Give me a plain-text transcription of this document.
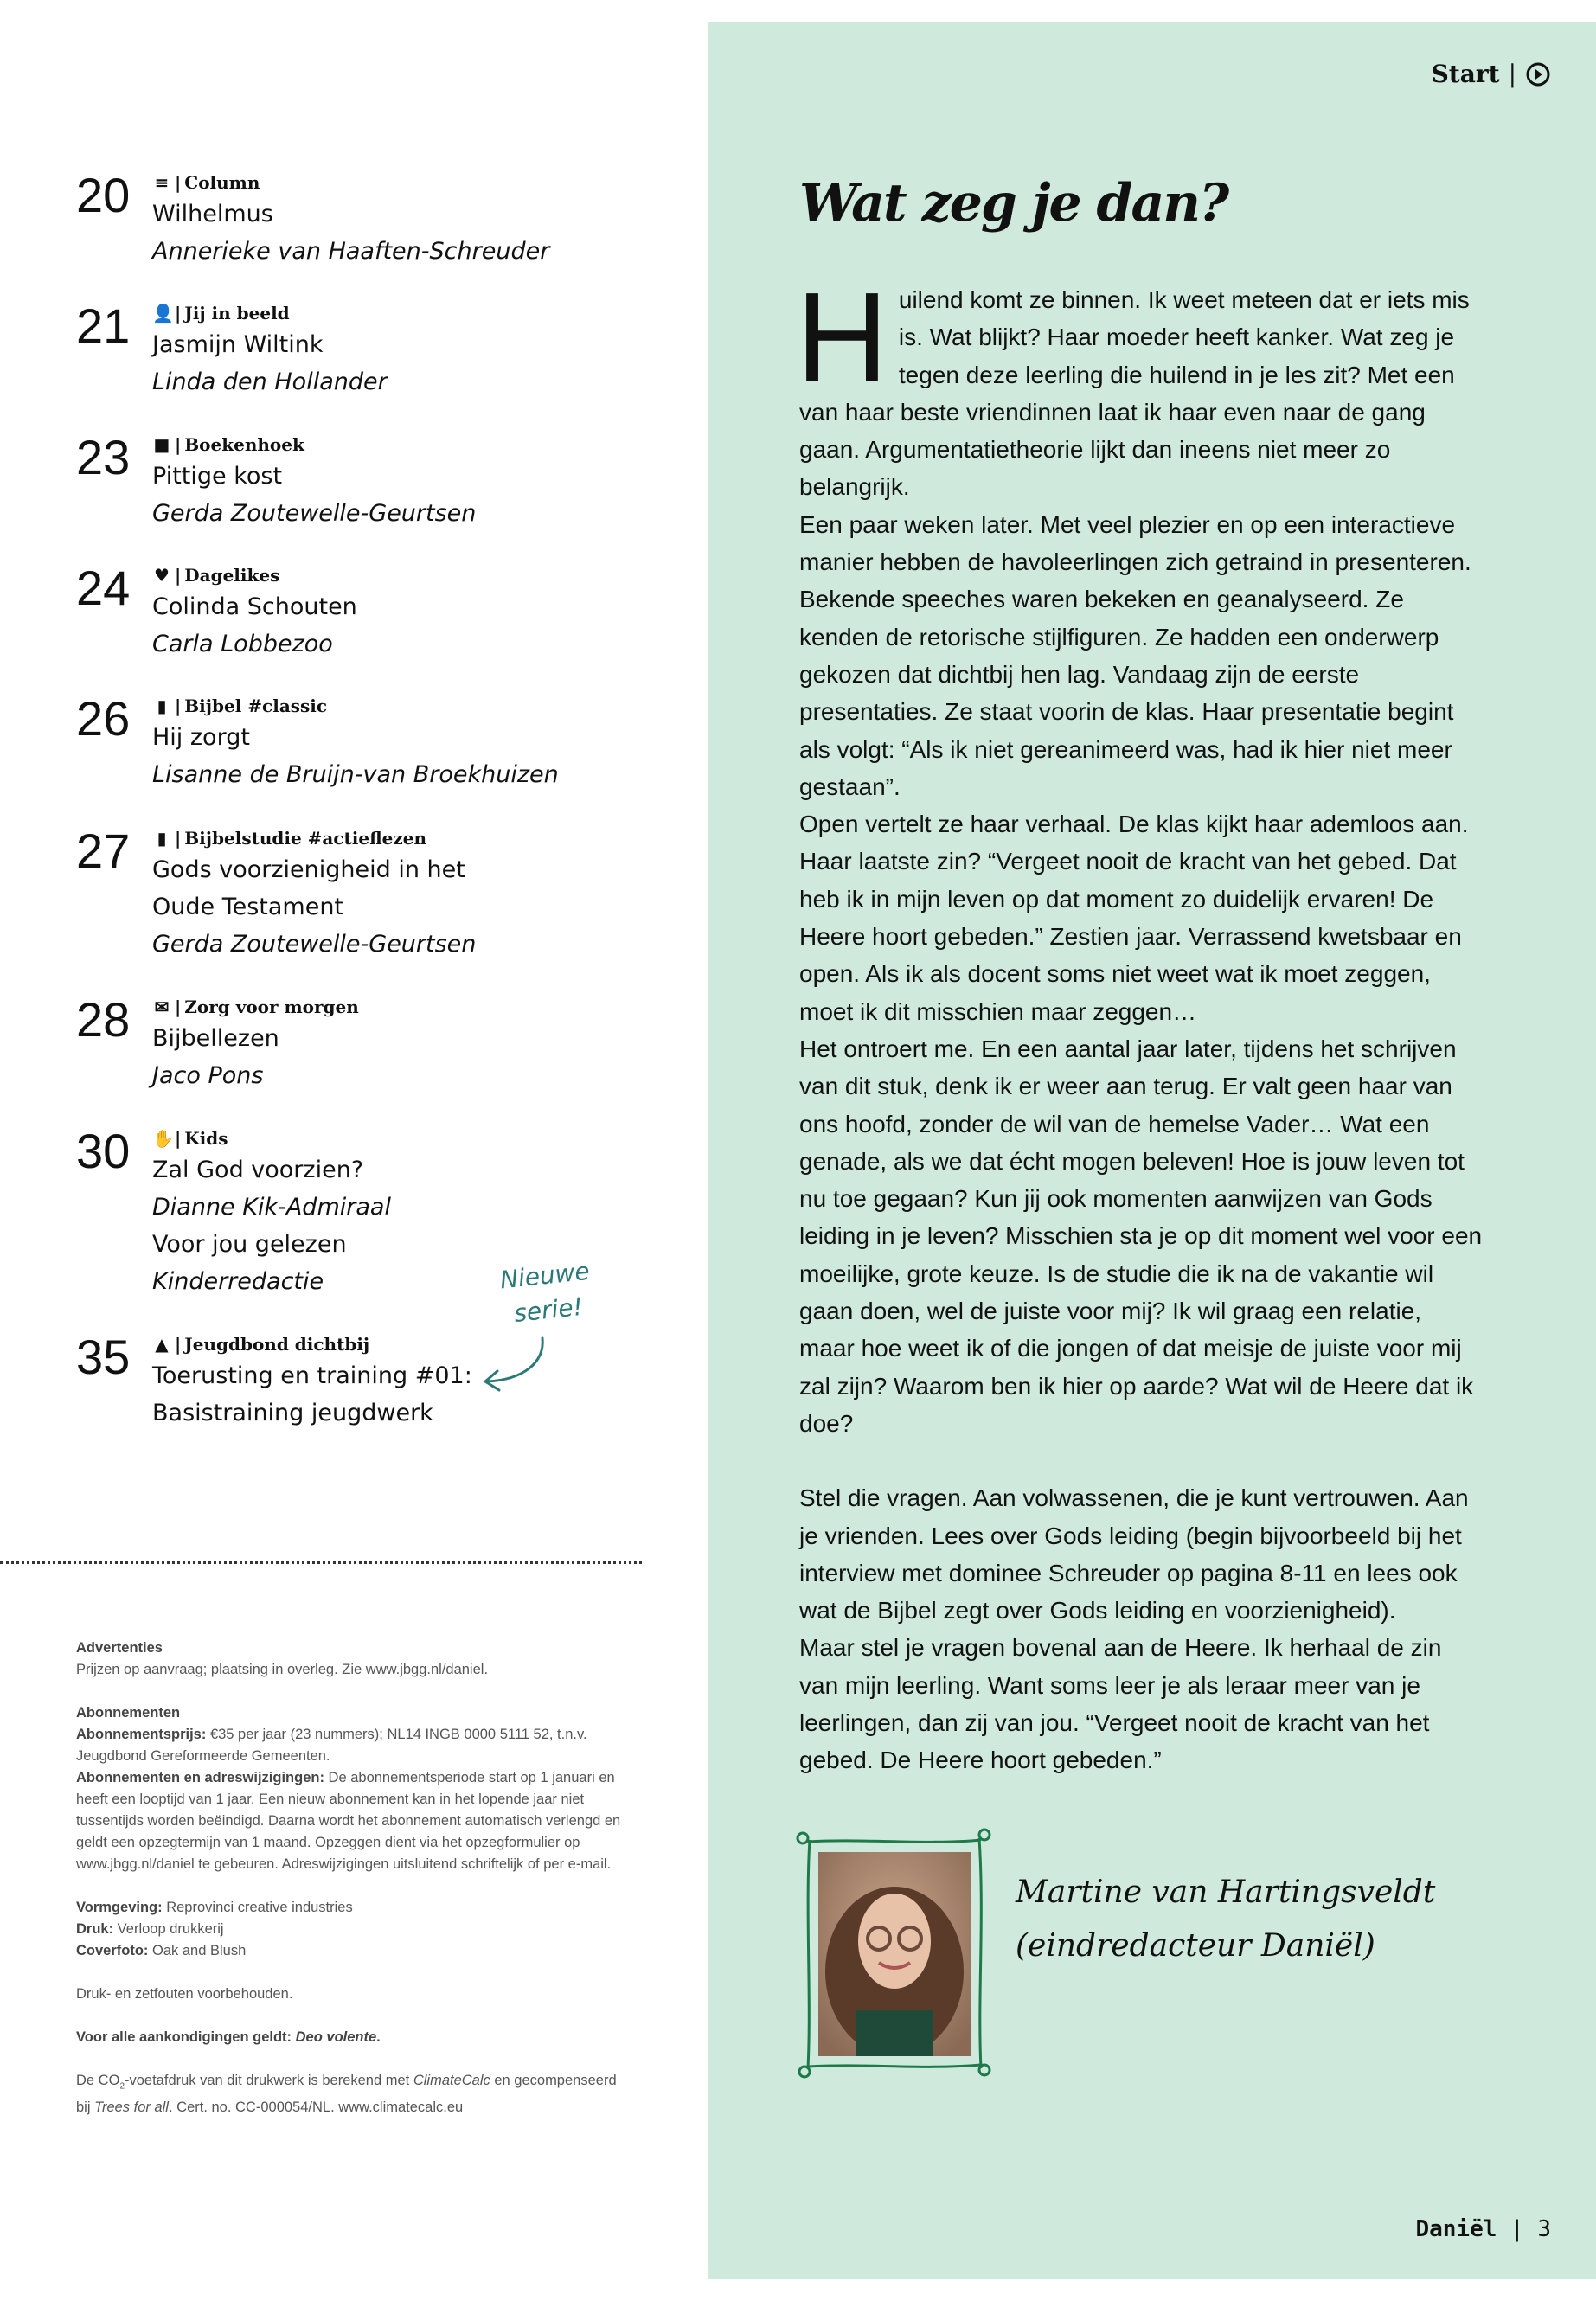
20 ≡ | Column
Wilhelmus
Annerieke van Haaften-Schreuder
21 👤 | Jij in beeld
Jasmijn Wiltink
Linda den Hollander
23 ■ | Boekenhoek
Pittige kost
Gerda Zoutewelle-Geurtsen
24 ♥ | Dagelikes
Colinda Schouten
Carla Lobbezoo
26 ▮ | Bijbel #classic
Hij zorgt
Lisanne de Bruijn-van Broekhuizen
27 ▮ | Bijbelstudie #actieflezen
Gods voorzienigheid in het Oude Testament
Gerda Zoutewelle-Geurtsen
28 ✉ | Zorg voor morgen
Bijbellezen
Jaco Pons
30 ✋ | Kids
Zal God voorzien?
Dianne Kik-Admiraal
Voor jou gelezen
Kinderredactie
35 ▲ | Jeugdbond dichtbij
Toerusting en training #01: Basistraining jeugdwerk
Nieuwe
serie!

Advertenties
Prijzen op aanvraag; plaatsing in overleg. Zie www.jbgg.nl/daniel.

Abonnementen
Abonnementsprijs: €35 per jaar (23 nummers); NL14 INGB 0000 5111 52, t.n.v. Jeugdbond Gereformeerde Gemeenten.
Abonnementen en adreswijzigingen: De abonnementsperiode start op 1 januari en heeft een looptijd van 1 jaar. Een nieuw abonnement kan in het lopende jaar niet tussentijds worden beëindigd. Daarna wordt het abonnement automatisch verlengd en geldt een opzegtermijn van 1 maand. Opzeggen dient via het opzegformulier op www.jbgg.nl/daniel te gebeuren. Adreswijzigingen uitsluitend schriftelijk of per e-mail.

Vormgeving: Reprovinci creative industries
Druk: Verloop drukkerij
Coverfoto: Oak and Blush

Druk- en zetfouten voorbehouden.

Voor alle aankondigingen geldt: Deo volente.

De $CO_2$-voetafdruk van dit drukwerk is berekend met ClimateCalc en gecompenseerd bij Trees for all. Cert. no. CC-000054/NL. www.climatecalc.eu

Start |
Wat zeg je dan?
H uilend komt ze binnen. Ik weet meteen dat er iets mis is. Wat blijkt? Haar moeder heeft kanker. Wat zeg je tegen deze leerling die huilend in je les zit? Met een van haar beste vriendinnen laat ik haar even naar de gang gaan. Argumentatietheorie lijkt dan ineens niet meer zo belangrijk.

Een paar weken later. Met veel plezier en op een interactieve manier hebben de havoleerlingen zich getraind in presenteren. Bekende speeches waren bekeken en geanalyseerd. Ze kenden de retorische stijlfiguren. Ze hadden een onderwerp gekozen dat dichtbij hen lag. Vandaag zijn de eerste presentaties. Ze staat voorin de klas. Haar presentatie begint als volgt: “Als ik niet gereanimeerd was, had ik hier niet meer gestaan”.

Open vertelt ze haar verhaal. De klas kijkt haar ademloos aan. Haar laatste zin? “Vergeet nooit de kracht van het gebed. Dat heb ik in mijn leven op dat moment zo duidelijk ervaren! De Heere hoort gebeden.” Zestien jaar. Verrassend kwetsbaar en open. Als ik als docent soms niet weet wat ik moet zeggen, moet ik dit misschien maar zeggen…

Het ontroert me. En een aantal jaar later, tijdens het schrijven van dit stuk, denk ik er weer aan terug. Er valt geen haar van ons hoofd, zonder de wil van de hemelse Vader… Wat een genade, als we dat écht mogen beleven! Hoe is jouw leven tot nu toe gegaan? Kun jij ook momenten aanwijzen van Gods leiding in je leven? Misschien sta je op dit moment wel voor een moeilijke, grote keuze. Is de studie die ik na de vakantie wil gaan doen, wel de juiste voor mij? Ik wil graag een relatie, maar hoe weet ik of die jongen of dat meisje de juiste voor mij zal zijn? Waarom ben ik hier op aarde? Wat wil de Heere dat ik doe?

Stel die vragen. Aan volwassenen, die je kunt vertrouwen. Aan je vrienden. Lees over Gods leiding (begin bijvoorbeeld bij het interview met dominee Schreuder op pagina 8-11 en lees ook wat de Bijbel zegt over Gods leiding en voorzienigheid).

Maar stel je vragen bovenal aan de Heere. Ik herhaal de zin van mijn leerling. Want soms leer je als leraar meer van je leerlingen, dan zij van jou. “Vergeet nooit de kracht van het gebed. De Heere hoort gebeden.”

Martine van Hartingsveldt
(eindredacteur Daniël)
Daniël | 3
